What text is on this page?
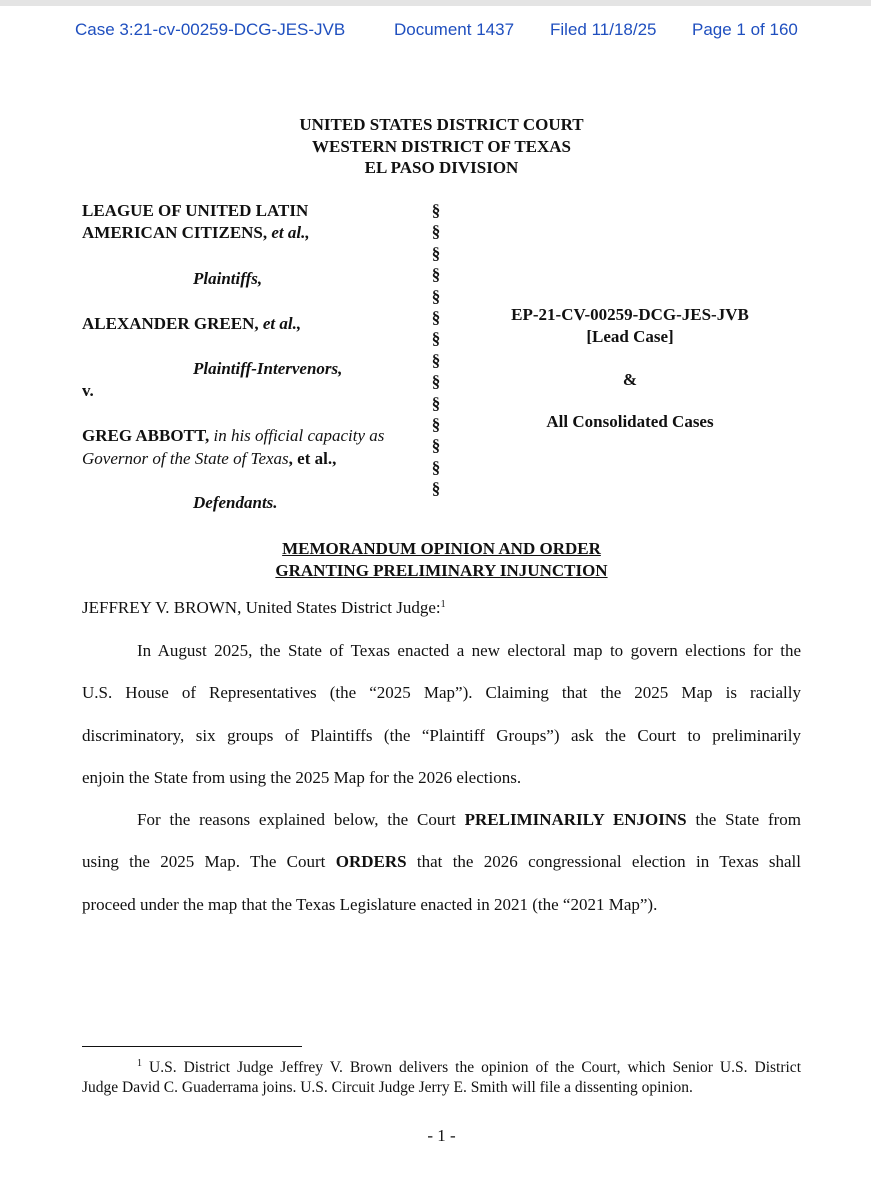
Case 3:21-cv-00259-DCG-JES-JVB	Document 1437 Filed 11/18/25 Page 1 of 160
UNITED STATES DISTRICT COURT
WESTERN DISTRICT OF TEXAS
EL PASO DIVISION
LEAGUE OF UNITED LATIN
AMERICAN CITIZENS, et al.,
Plaintiffs,
ALEXANDER GREEN, et al.,
Plaintiff-Intervenors,
v.
GREG ABBOTT, in his official capacity as
Governor of the State of Texas, et al.,
Defendants.
§
§
§
§
§
§
§
§
§
§
§
§
§
§
EP-21-CV-00259-DCG-JES-JVB
[Lead Case]
&
All Consolidated Cases
MEMORANDUM OPINION AND ORDER
GRANTING PRELIMINARY INJUNCTION
JEFFREY V. BROWN, United States District Judge:$^1$
In August 2025, the State of Texas enacted a new electoral map to govern elections for the
U.S. House of Representatives (the “2025 Map”). Claiming that the 2025 Map is racially
discriminatory, six groups of Plaintiffs (the “Plaintiff Groups”) ask the Court to preliminarily
enjoin the State from using the 2025 Map for the 2026 elections.
For the reasons explained below, the Court PRELIMINARILY ENJOINS the State from
using the 2025 Map. The Court ORDERS that the 2026 congressional election in Texas shall
proceed under the map that the Texas Legislature enacted in 2021 (the “2021 Map”).
$^1$ U.S. District Judge Jeffrey V. Brown delivers the opinion of the Court, which Senior U.S. District
Judge David C. Guaderrama joins. U.S. Circuit Judge Jerry E. Smith will file a dissenting opinion.
- 1 -
